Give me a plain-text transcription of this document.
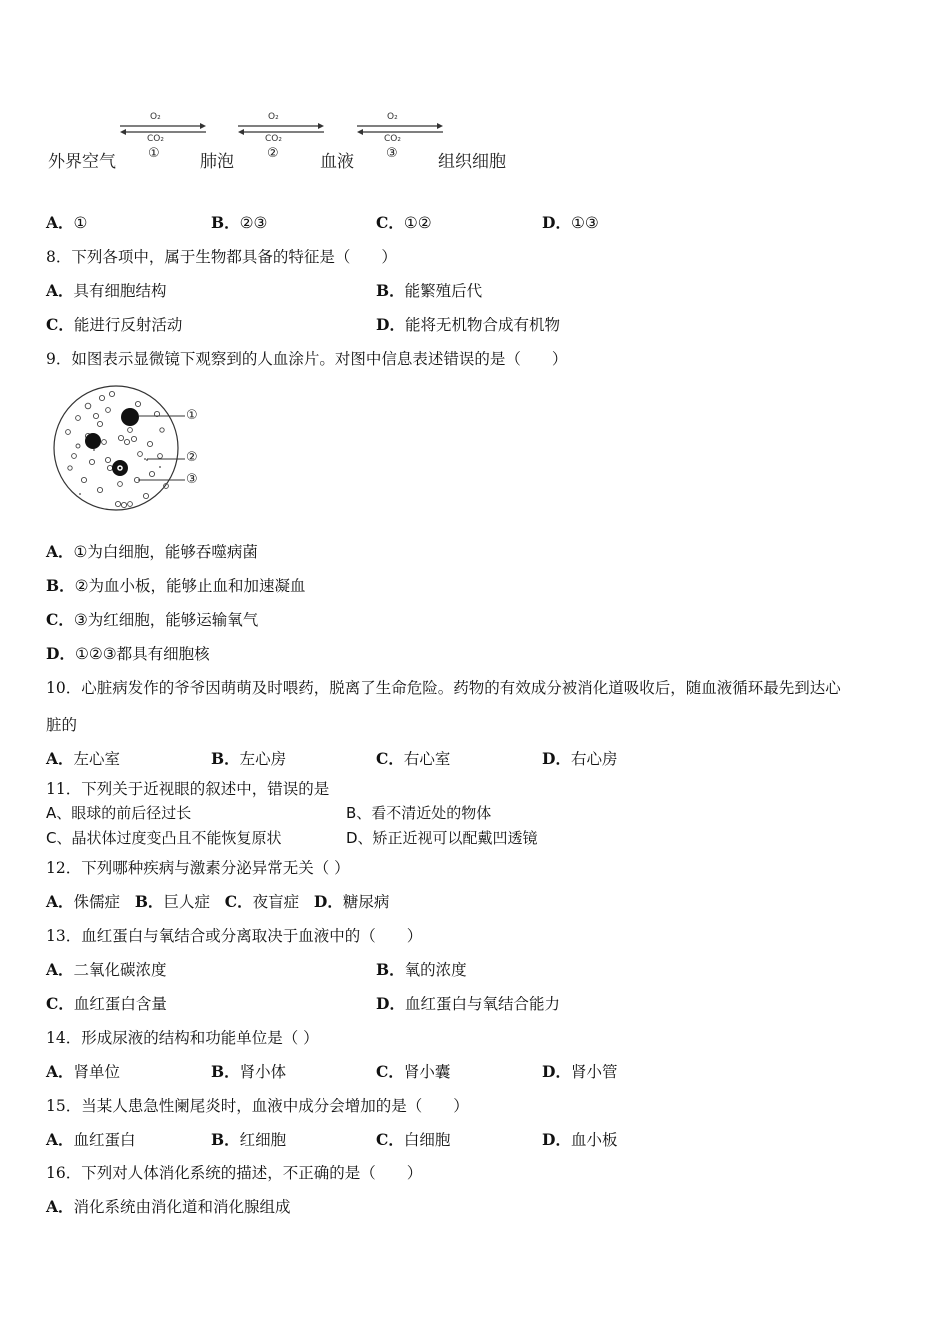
O₂
CO₂
O₂
CO₂
O₂
CO₂
外界空气 ① 肺泡	② 血液 ③ 组织细胞
A．①	B．②③	C．①②	D．①③
8．下列各项中，属于生物都具备的特征是（　　）
A．具有细胞结构	B．能繁殖后代
C．能进行反射活动	D．能将无机物合成有机物
9．如图表示显微镜下观察到的人血涂片。对图中信息表述错误的是（　　）
①
②
③
A．①为白细胞，能够吞噬病菌
B．②为血小板，能够止血和加速凝血
C．③为红细胞，能够运输氧气
D．①②③都具有细胞核
10．心脏病发作的爷爷因萌萌及时喂药，脱离了生命危险。药物的有效成分被消化道吸收后，随血液循环最先到达心
脏的
A．左心室	B．左心房	C．右心室	D．右心房
11．下列关于近视眼的叙述中，错误的是
A、眼球的前后径过长	B、看不清近处的物体
C、晶状体过度变凸且不能恢复原状	D、矫正近视可以配戴凹透镜
12．下列哪种疾病与激素分泌异常无关（ ）
A．侏儒症 B．巨人症 C．夜盲症 D．糖尿病
13．血红蛋白与氧结合或分离取决于血液中的（　　）
A．二氧化碳浓度	B．氧的浓度
C．血红蛋白含量	D．血红蛋白与氧结合能力
14．形成尿液的结构和功能单位是（ ）
A．肾单位	B．肾小体	C．肾小囊	D．肾小管
15．当某人患急性阑尾炎时，血液中成分会增加的是（　　）
A．血红蛋白	B．红细胞	C．白细胞	D．血小板
16．下列对人体消化系统的描述，不正确的是（　　）
A．消化系统由消化道和消化腺组成
